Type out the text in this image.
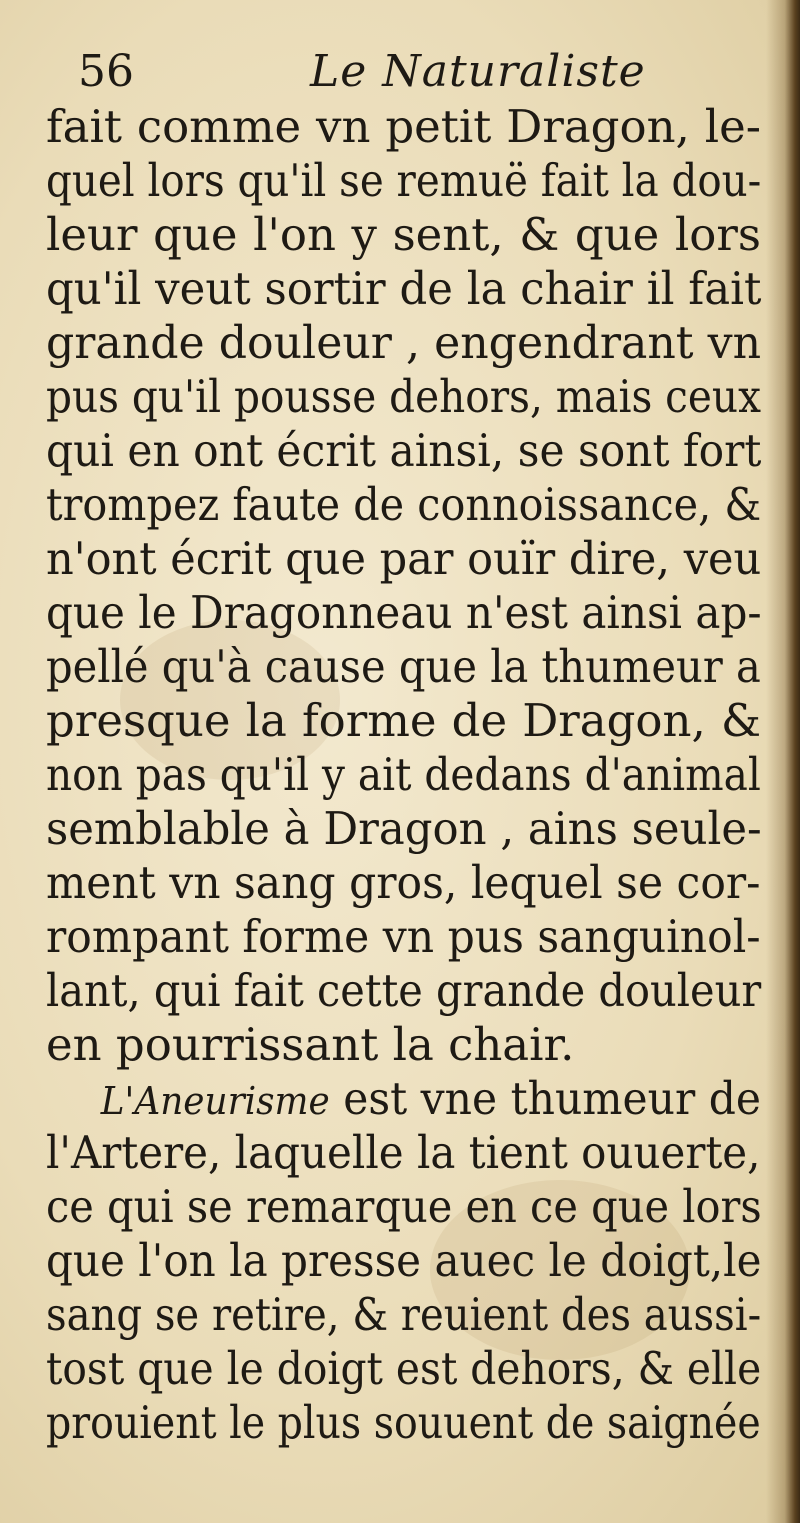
56	Le Naturaliste
fait comme vn petit Dragon, le-
quel lors qu'il se remuë fait la dou-
leur que l'on y sent, & que lors
qu'il veut sortir de la chair il fait
grande douleur , engendrant vn
pus qu'il pousse dehors, mais ceux
qui en ont écrit ainsi, se sont fort
trompez faute de connoissance, &
n'ont écrit que par ouïr dire, veu
que le Dragonneau n'est ainsi ap-
pellé qu'à cause que la thumeur a
presque la forme de Dragon, &
non pas qu'il y ait dedans d'animal
semblable à Dragon , ains seule-
ment vn sang gros, lequel se cor-
rompant forme vn pus sanguinol-
lant, qui fait cette grande douleur
en pourrissant la chair.
L'Aneurisme est vne thumeur de
l'Artere, laquelle la tient ouuerte,
ce qui se remarque en ce que lors
que l'on la presse auec le doigt,le
sang se retire, & reuient des aussi-
tost que le doigt est dehors, & elle
prouient le plus souuent de saignée
